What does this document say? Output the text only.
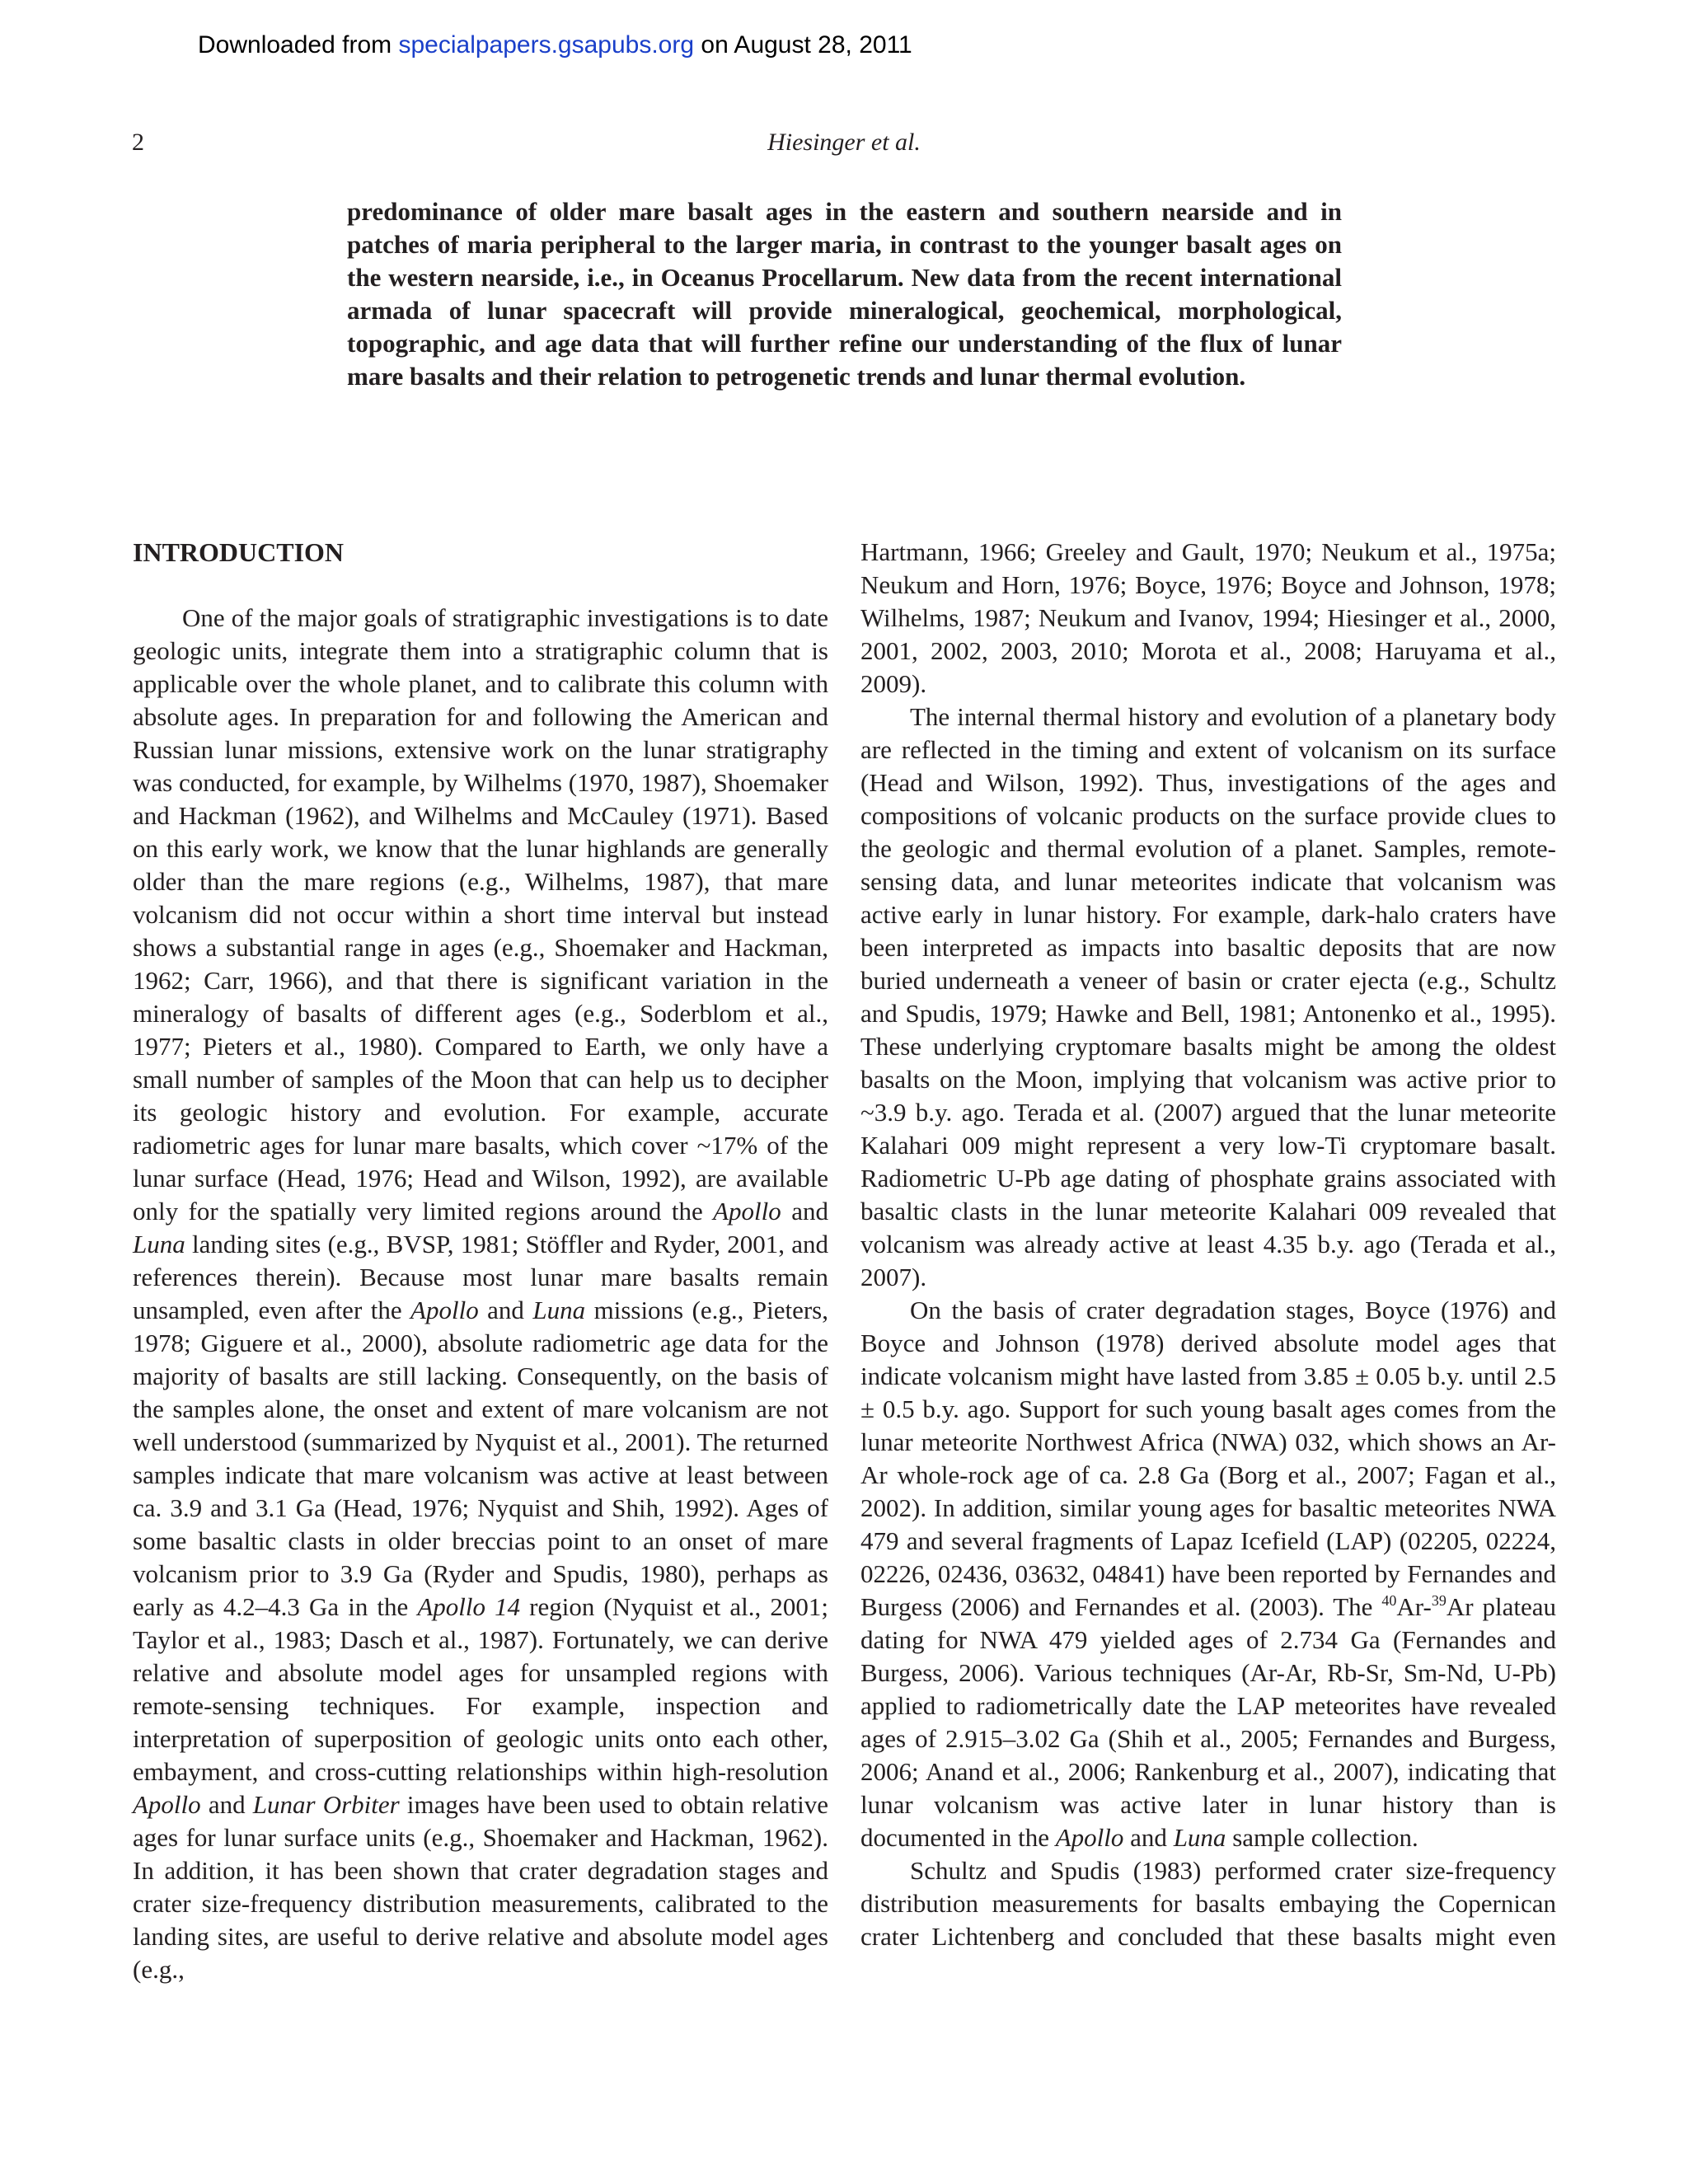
Downloaded from specialpapers.gsapubs.org on August 28, 2011
2	Hiesinger et al.
predominance of older mare basalt ages in the eastern and southern nearside and in patches of maria peripheral to the larger maria, in contrast to the younger basalt ages on the western nearside, i.e., in Oceanus Procellarum. New data from the recent international armada of lunar spacecraft will provide mineralogical, geochemical, morphological, topographic, and age data that will further refine our understanding of the flux of lunar mare basalts and their relation to petrogenetic trends and lunar thermal evolution.
INTRODUCTION

One of the major goals of stratigraphic investigations is to date geologic units, integrate them into a stratigraphic column that is applicable over the whole planet, and to calibrate this column with absolute ages. In preparation for and following the American and Russian lunar missions, extensive work on the lunar stratigraphy was conducted, for example, by Wilhelms (1970, 1987), Shoemaker and Hackman (1962), and Wilhelms and McCauley (1971). Based on this early work, we know that the lunar highlands are generally older than the mare regions (e.g., Wilhelms, 1987), that mare volcanism did not occur within a short time interval but instead shows a substantial range in ages (e.g., Shoemaker and Hackman, 1962; Carr, 1966), and that there is significant variation in the mineralogy of basalts of different ages (e.g., Soderblom et al., 1977; Pieters et al., 1980). Compared to Earth, we only have a small number of samples of the Moon that can help us to decipher its geologic history and evolution. For example, accurate radiometric ages for lunar mare basalts, which cover ~17% of the lunar surface (Head, 1976; Head and Wilson, 1992), are available only for the spatially very limited regions around the Apollo and Luna landing sites (e.g., BVSP, 1981; Stöffler and Ryder, 2001, and references therein). Because most lunar mare basalts remain unsampled, even after the Apollo and Luna missions (e.g., Pieters, 1978; Giguere et al., 2000), absolute radiometric age data for the majority of basalts are still lacking. Consequently, on the basis of the samples alone, the onset and extent of mare volcanism are not well understood (summarized by Nyquist et al., 2001). The returned samples indicate that mare volcanism was active at least between ca. 3.9 and 3.1 Ga (Head, 1976; Nyquist and Shih, 1992). Ages of some basaltic clasts in older breccias point to an onset of mare volcanism prior to 3.9 Ga (Ryder and Spudis, 1980), perhaps as early as 4.2–4.3 Ga in the Apollo 14 region (Nyquist et al., 2001; Taylor et al., 1983; Dasch et al., 1987). Fortunately, we can derive relative and absolute model ages for unsampled regions with remote-sensing techniques. For example, inspection and interpretation of superposition of geologic units onto each other, embayment, and cross-cutting relationships within high-resolution Apollo and Lunar Orbiter images have been used to obtain relative ages for lunar surface units (e.g., Shoemaker and Hackman, 1962). In addition, it has been shown that crater degradation stages and crater size-frequency distribution measurements, calibrated to the landing sites, are useful to derive relative and absolute model ages (e.g.,

Hartmann, 1966; Greeley and Gault, 1970; Neukum et al., 1975a; Neukum and Horn, 1976; Boyce, 1976; Boyce and Johnson, 1978; Wilhelms, 1987; Neukum and Ivanov, 1994; Hiesinger et al., 2000, 2001, 2002, 2003, 2010; Morota et al., 2008; Haruyama et al., 2009).

The internal thermal history and evolution of a planetary body are reflected in the timing and extent of volcanism on its surface (Head and Wilson, 1992). Thus, investigations of the ages and compositions of volcanic products on the surface provide clues to the geologic and thermal evolution of a planet. Samples, remote-sensing data, and lunar meteorites indicate that volcanism was active early in lunar history. For example, dark-halo craters have been interpreted as impacts into basaltic deposits that are now buried underneath a veneer of basin or crater ejecta (e.g., Schultz and Spudis, 1979; Hawke and Bell, 1981; Antonenko et al., 1995). These underlying cryptomare basalts might be among the oldest basalts on the Moon, implying that volcanism was active prior to ~3.9 b.y. ago. Terada et al. (2007) argued that the lunar meteorite Kalahari 009 might represent a very low-Ti cryptomare basalt. Radiometric U-Pb age dating of phosphate grains associated with basaltic clasts in the lunar meteorite Kalahari 009 revealed that volcanism was already active at least 4.35 b.y. ago (Terada et al., 2007).

On the basis of crater degradation stages, Boyce (1976) and Boyce and Johnson (1978) derived absolute model ages that indicate volcanism might have lasted from 3.85 ± 0.05 b.y. until 2.5 ± 0.5 b.y. ago. Support for such young basalt ages comes from the lunar meteorite Northwest Africa (NWA) 032, which shows an Ar-Ar whole-rock age of ca. 2.8 Ga (Borg et al., 2007; Fagan et al., 2002). In addition, similar young ages for basaltic meteorites NWA 479 and several fragments of Lapaz Icefield (LAP) (02205, 02224, 02226, 02436, 03632, 04841) have been reported by Fernandes and Burgess (2006) and Fernandes et al. (2003). The $^{40}$Ar-$^{39}$Ar plateau dating for NWA 479 yielded ages of 2.734 Ga (Fernandes and Burgess, 2006). Various techniques (Ar-Ar, Rb-Sr, Sm-Nd, U-Pb) applied to radiometrically date the LAP meteorites have revealed ages of 2.915–3.02 Ga (Shih et al., 2005; Fernandes and Burgess, 2006; Anand et al., 2006; Rankenburg et al., 2007), indicating that lunar volcanism was active later in lunar history than is documented in the Apollo and Luna sample collection.

Schultz and Spudis (1983) performed crater size-frequency distribution measurements for basalts embaying the Copernican crater Lichtenberg and concluded that these basalts might even
